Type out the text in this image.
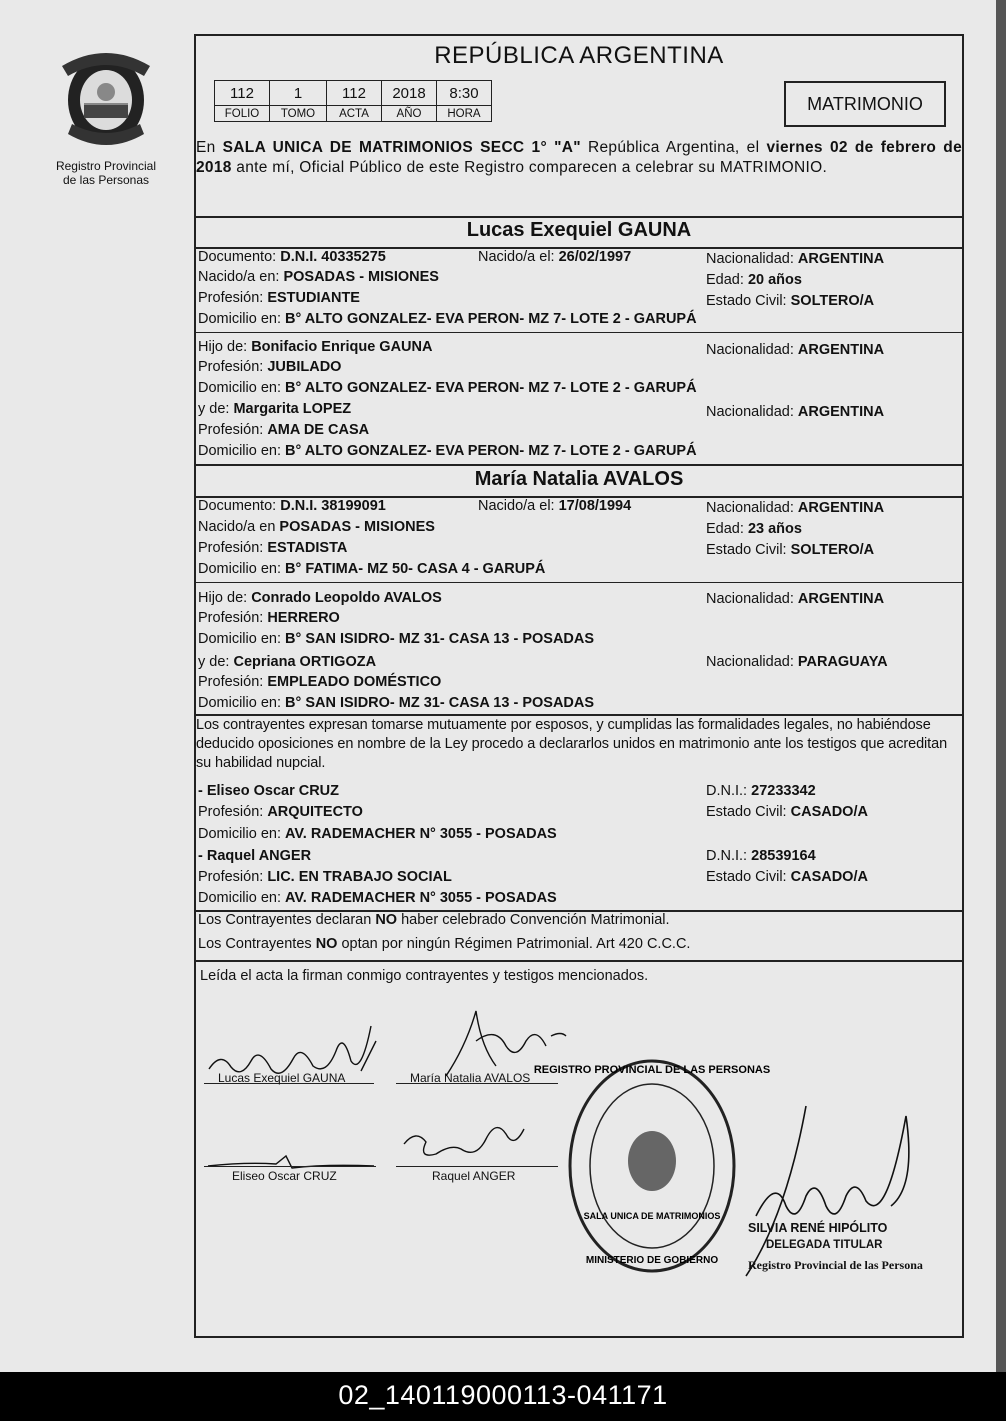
Registro Provincial
de las Personas
REPÚBLICA ARGENTINA
112	1	112	2018	8:30
FOLIO	TOMO	ACTA	AÑO	HORA	MATRIMONIO
En SALA UNICA DE MATRIMONIOS SECC 1° "A" República Argentina, el viernes 02 de febrero de 2018 ante mí, Oficial Público de este Registro comparecen a celebrar su MATRIMONIO.
Lucas Exequiel GAUNA
Documento: D.N.I. 40335275	Nacido/a el: 26/02/1997	Nacionalidad: ARGENTINA
Nacido/a en: POSADAS - MISIONES	Edad: 20 años
Profesión: ESTUDIANTE	Estado Civil: SOLTERO/A
Domicilio en: B° ALTO GONZALEZ- EVA PERON- MZ 7- LOTE 2 - GARUPÁ
Hijo de: Bonifacio Enrique GAUNA	Nacionalidad: ARGENTINA
Profesión: JUBILADO
Domicilio en: B° ALTO GONZALEZ- EVA PERON- MZ 7- LOTE 2 - GARUPÁ
y de: Margarita LOPEZ	Nacionalidad: ARGENTINA
Profesión: AMA DE CASA
Domicilio en: B° ALTO GONZALEZ- EVA PERON- MZ 7- LOTE 2 - GARUPÁ
María Natalia AVALOS
Documento: D.N.I. 38199091	Nacido/a el: 17/08/1994	Nacionalidad: ARGENTINA
Nacido/a en POSADAS - MISIONES	Edad: 23 años
Profesión: ESTADISTA	Estado Civil: SOLTERO/A
Domicilio en: B° FATIMA- MZ 50- CASA 4 - GARUPÁ
Hijo de: Conrado Leopoldo AVALOS	Nacionalidad: ARGENTINA
Profesión: HERRERO
Domicilio en: B° SAN ISIDRO- MZ 31- CASA 13 - POSADAS
y de: Cepriana ORTIGOZA	Nacionalidad: PARAGUAYA
Profesión: EMPLEADO DOMÉSTICO
Domicilio en: B° SAN ISIDRO- MZ 31- CASA 13 - POSADAS
Los contrayentes expresan tomarse mutuamente por esposos, y cumplidas las formalidades legales, no habiéndose deducido oposiciones en nombre de la Ley procedo a declararlos unidos en matrimonio ante los testigos que acreditan su habilidad nupcial.
- Eliseo Oscar CRUZ	D.N.I.: 27233342
Profesión: ARQUITECTO	Estado Civil: CASADO/A
Domicilio en: AV. RADEMACHER N° 3055 - POSADAS
- Raquel ANGER	D.N.I.: 28539164
Profesión: LIC. EN TRABAJO SOCIAL	Estado Civil: CASADO/A
Domicilio en: AV. RADEMACHER N° 3055 - POSADAS
Los Contrayentes declaran NO haber celebrado Convención Matrimonial.
Los Contrayentes NO optan por ningún Régimen Patrimonial. Art 420 C.C.C.
Leída el acta la firman conmigo contrayentes y testigos mencionados.
Lucas Exequiel GAUNA	María Natalia AVALOS
Eliseo Oscar CRUZ	Raquel ANGER
REGISTRO PROVINCIAL DE LAS PERSONAS
MINISTERIO DE GOBIERNO
SALA UNICA DE MATRIMONIOS
SILVIA RENÉ HIPÓLITO
DELEGADA TITULAR
Registro Provincial de las Persona
02_140119000113-041171
